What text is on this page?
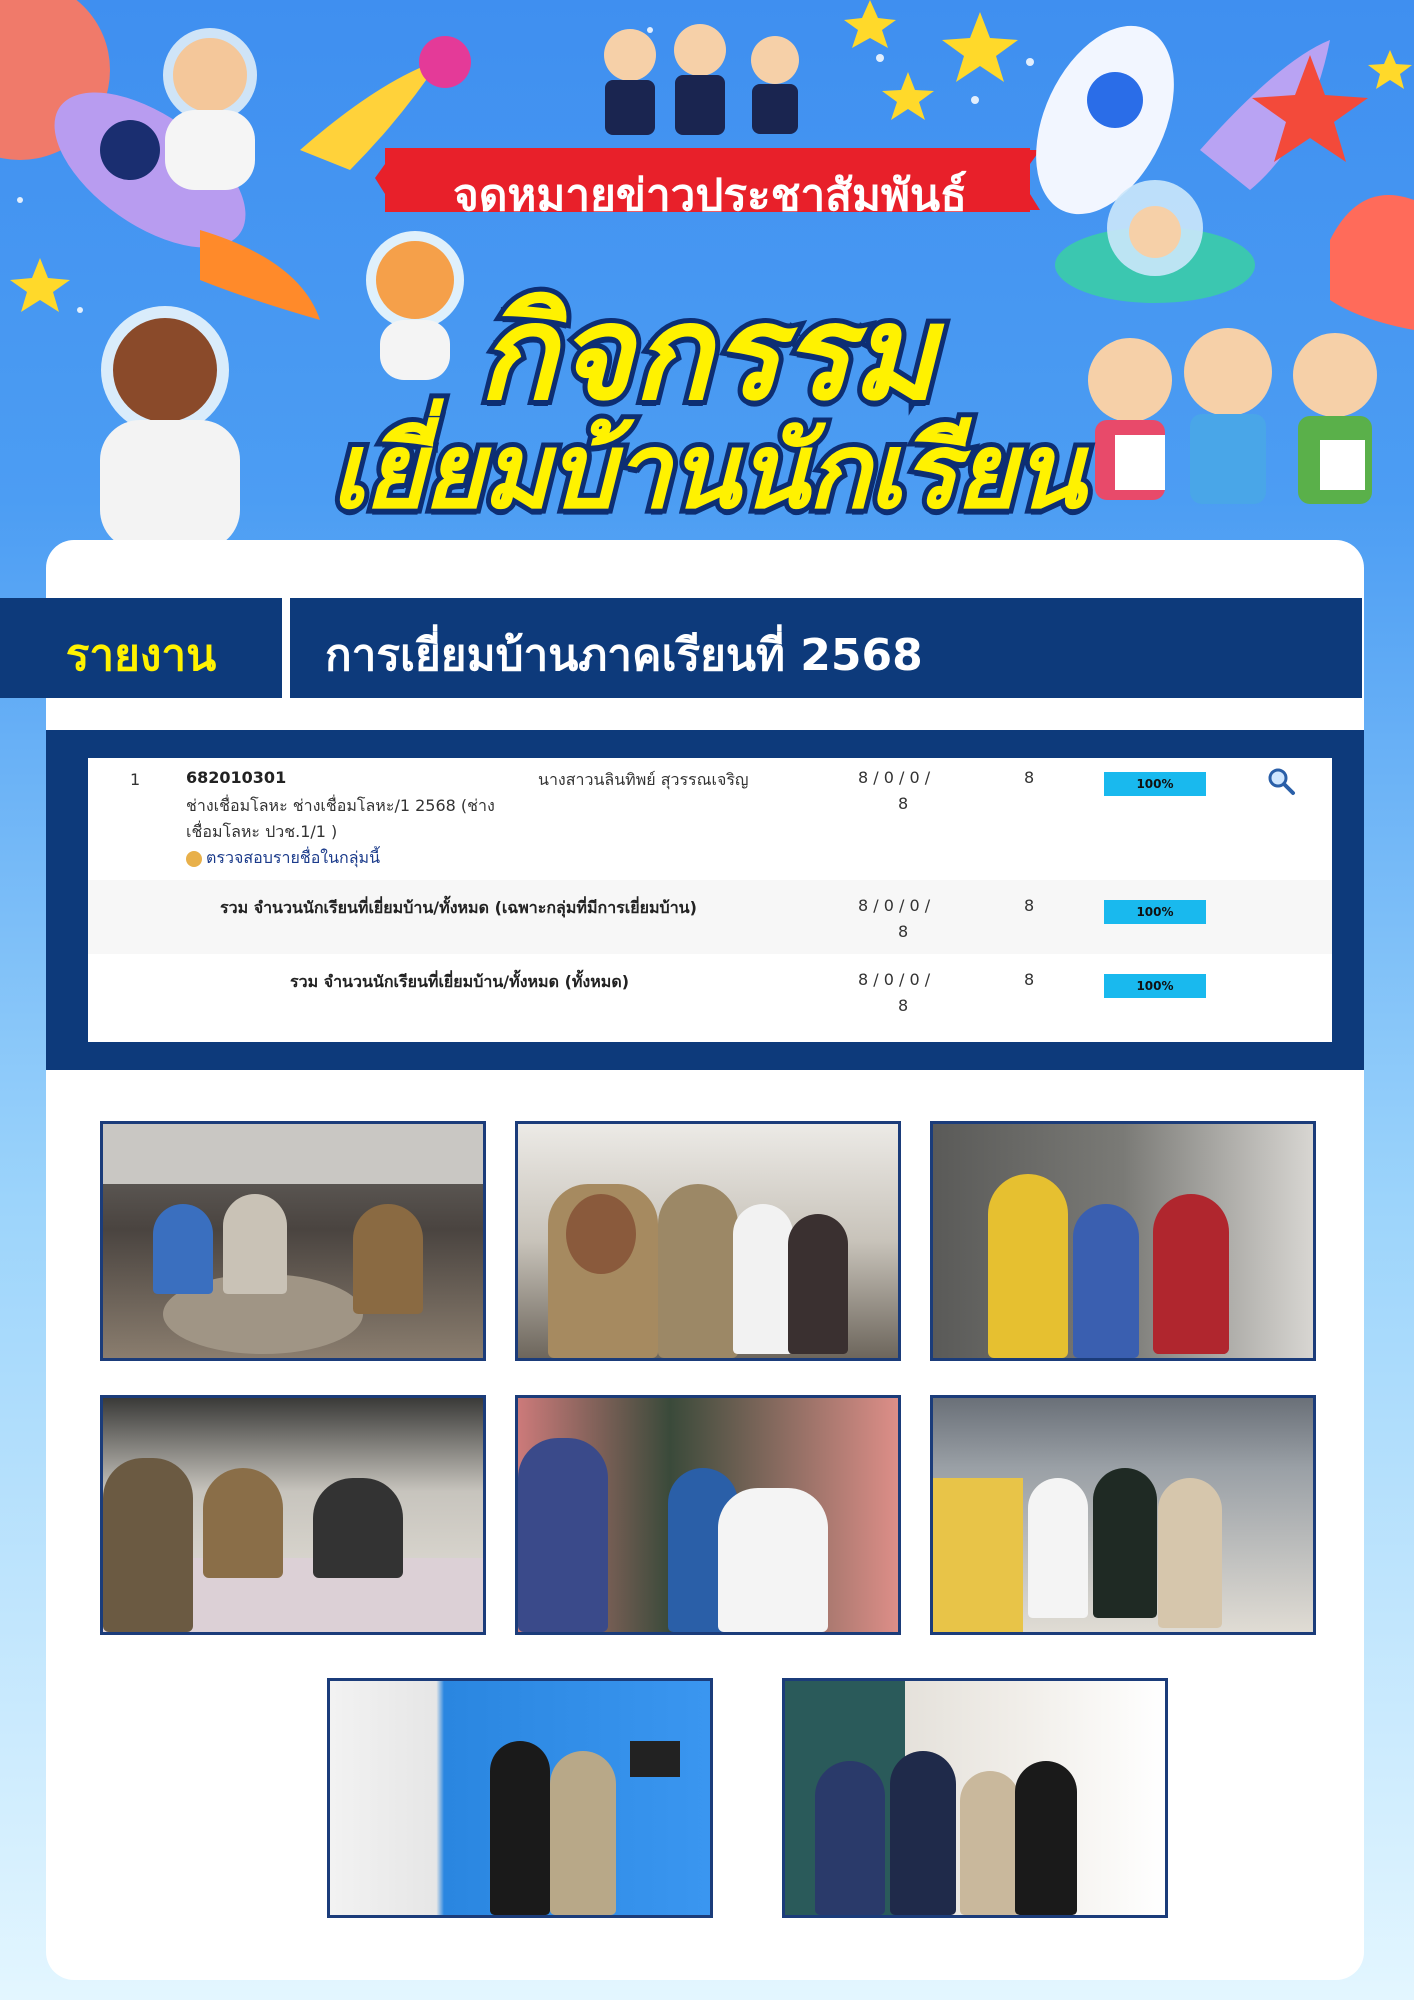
จดหมายข่าวประชาสัมพันธ์
กิจกรรม
เยี่ยมบ้านนักเรียน
รายงาน	การเยี่ยมบ้านภาคเรียนที่ 2568
1	682010301
ช่างเชื่อมโลหะ ช่างเชื่อมโลหะ/1 2568 (ช่าง
เชื่อมโลหะ ปวช.1/1 )
ตรวจสอบรายชื่อในกลุ่มนี้
นางสาวนลินทิพย์ สุวรรณเจริญ	8 / 0 / 0 /
8
8	100%
รวม จำนวนนักเรียนที่เยี่ยมบ้าน/ทั้งหมด (เฉพาะกลุ่มที่มีการเยี่ยมบ้าน)	8 / 0 / 0 /
8
8	100%
รวม จำนวนนักเรียนที่เยี่ยมบ้าน/ทั้งหมด (ทั้งหมด)	8 / 0 / 0 /
8
8	100%
